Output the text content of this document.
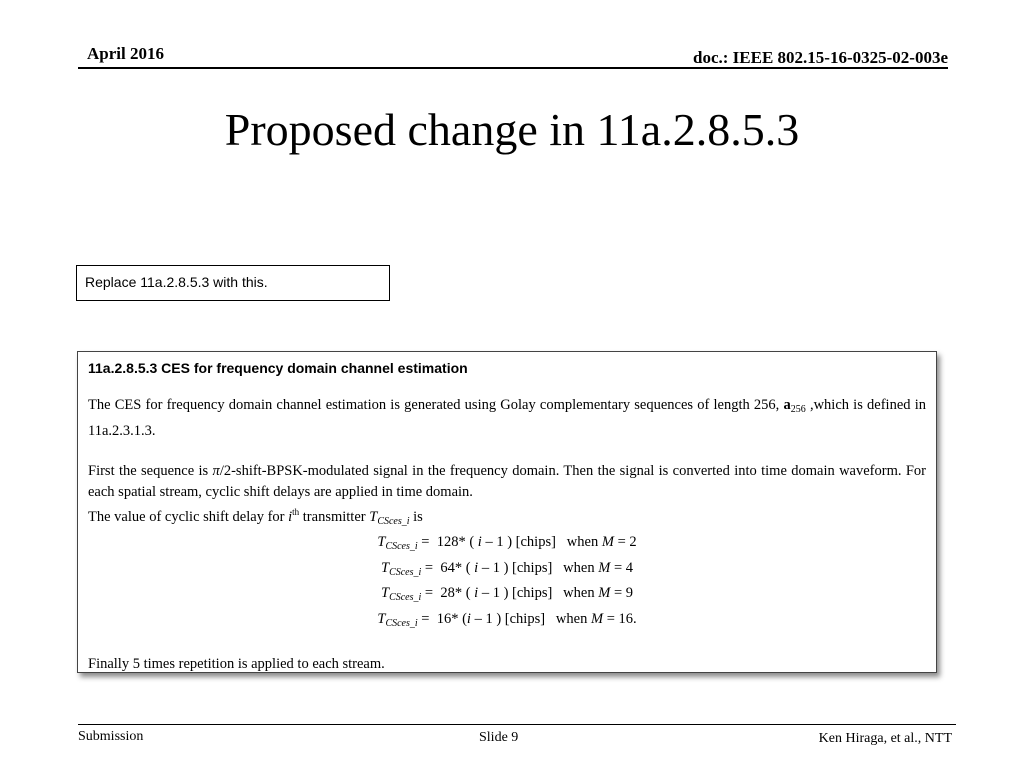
April 2016	doc.: IEEE 802.15-16-0325-02-003e
Proposed change in 11a.2.8.5.3
Replace 11a.2.8.5.3 with this.
11a.2.8.5.3 CES for frequency domain channel estimation

The CES for frequency domain channel estimation is generated using Golay complementary sequences of length 256, $a_{256}$ ,which is defined in 11a.2.3.1.3.

First the sequence is π/2-shift-BPSK-modulated signal in the frequency domain. Then the signal is converted into time domain waveform. For each spatial stream, cyclic shift delays are applied in time domain.

The value of cyclic shift delay for $i^{th}$ transmitter $T_{CSces\_i}$ is

$T_{CSces\_i} = 128*$ ( i – 1 ) [chips]   when M = 2

$T_{CSces\_i} = 64*$ ( i – 1 ) [chips]   when M = 4

$T_{CSces\_i} = 28*$ ( i – 1 ) [chips]   when M = 9

$T_{CSces\_i} = 16*$ (i – 1 ) [chips]   when M = 16.

Finally 5 times repetition is applied to each stream.

Submission	Slide 9	Ken Hiraga, et al., NTT
